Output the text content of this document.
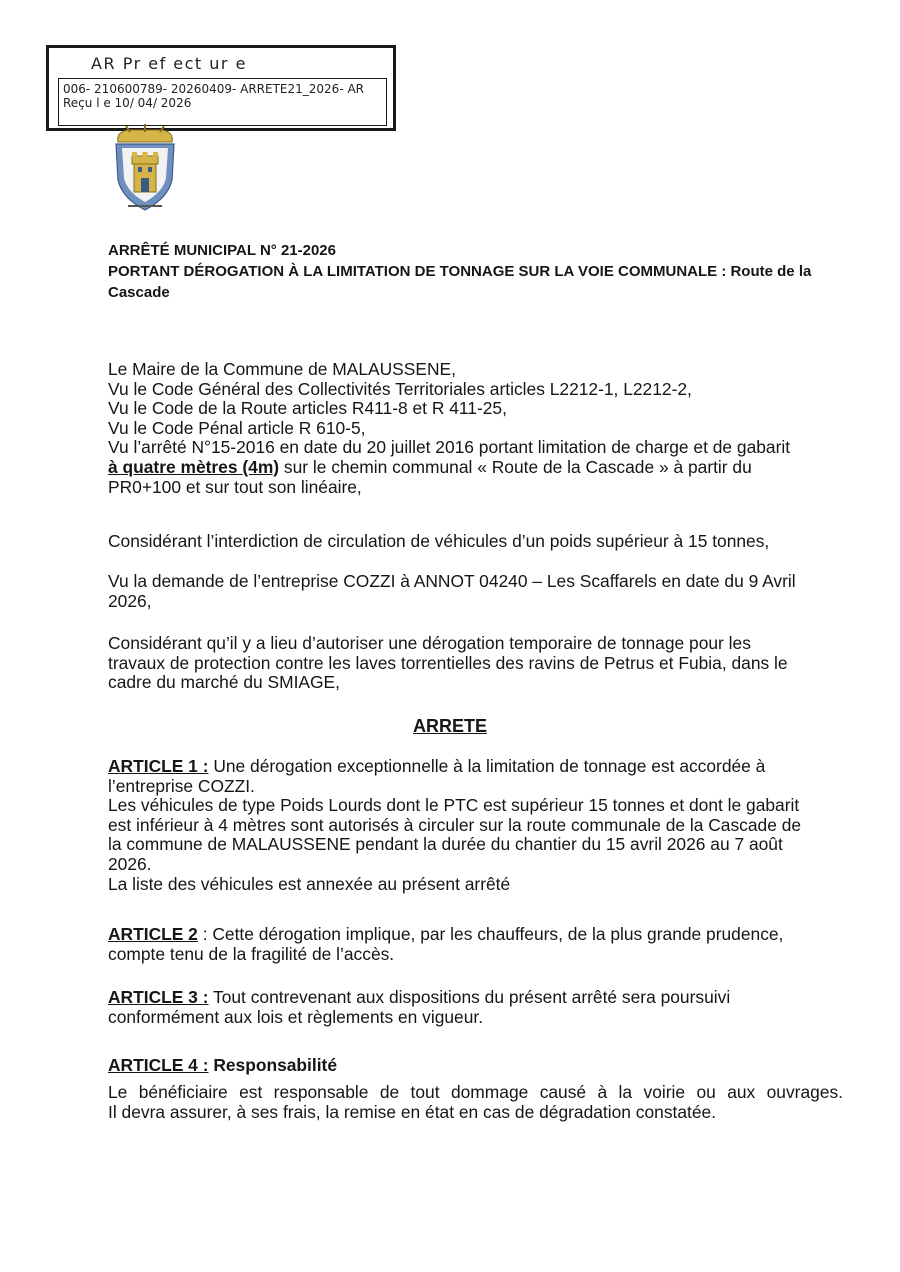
AR Pr ef ect ur e
006- 210600789- 20260409- ARRETE21_2026- AR
Reçu l e 10/ 04/ 2026
ARRÊTÉ MUNICIPAL N° 21-2026
PORTANT DÉROGATION À LA LIMITATION DE TONNAGE SUR LA VOIE COMMUNALE : Route de la
Cascade
Le Maire de la Commune de MALAUSSENE,
Vu le Code Général des Collectivités Territoriales articles L2212-1, L2212-2,
Vu le Code de la Route articles R411-8 et R 411-25,
Vu le Code Pénal article R 610-5,
Vu l’arrêté N°15-2016 en date du 20 juillet 2016 portant limitation de charge et de gabarit
à quatre mètres (4m) sur le chemin communal « Route de la Cascade » à partir du
PR0+100 et sur tout son linéaire,
Considérant l’interdiction de circulation de véhicules d’un poids supérieur à 15 tonnes,
Vu la demande de l’entreprise COZZI à ANNOT 04240 – Les Scaffarels en date du 9 Avril
2026,
Considérant qu’il y a lieu d’autoriser une dérogation temporaire de tonnage pour les
travaux de protection contre les laves torrentielles des ravins de Petrus et Fubia, dans le
cadre du marché du SMIAGE,
ARRETE
ARTICLE 1 : Une dérogation exceptionnelle à la limitation de tonnage est accordée à
l’entreprise COZZI.
Les véhicules de type Poids Lourds dont le PTC est supérieur 15 tonnes et dont le gabarit
est inférieur à 4 mètres sont autorisés à circuler sur la route communale de la Cascade de
la commune de MALAUSSENE pendant la durée du chantier du 15 avril 2026 au 7 août
2026.
La liste des véhicules est annexée au présent arrêté
ARTICLE 2 : Cette dérogation implique, par les chauffeurs, de la plus grande prudence,
compte tenu de la fragilité de l’accès.
ARTICLE 3 : Tout contrevenant aux dispositions du présent arrêté sera poursuivi
conformément aux lois et règlements en vigueur.
ARTICLE 4 : Responsabilité
Le bénéficiaire est responsable de tout dommage causé à la voirie ou aux ouvrages.
Il devra assurer, à ses frais, la remise en état en cas de dégradation constatée.
